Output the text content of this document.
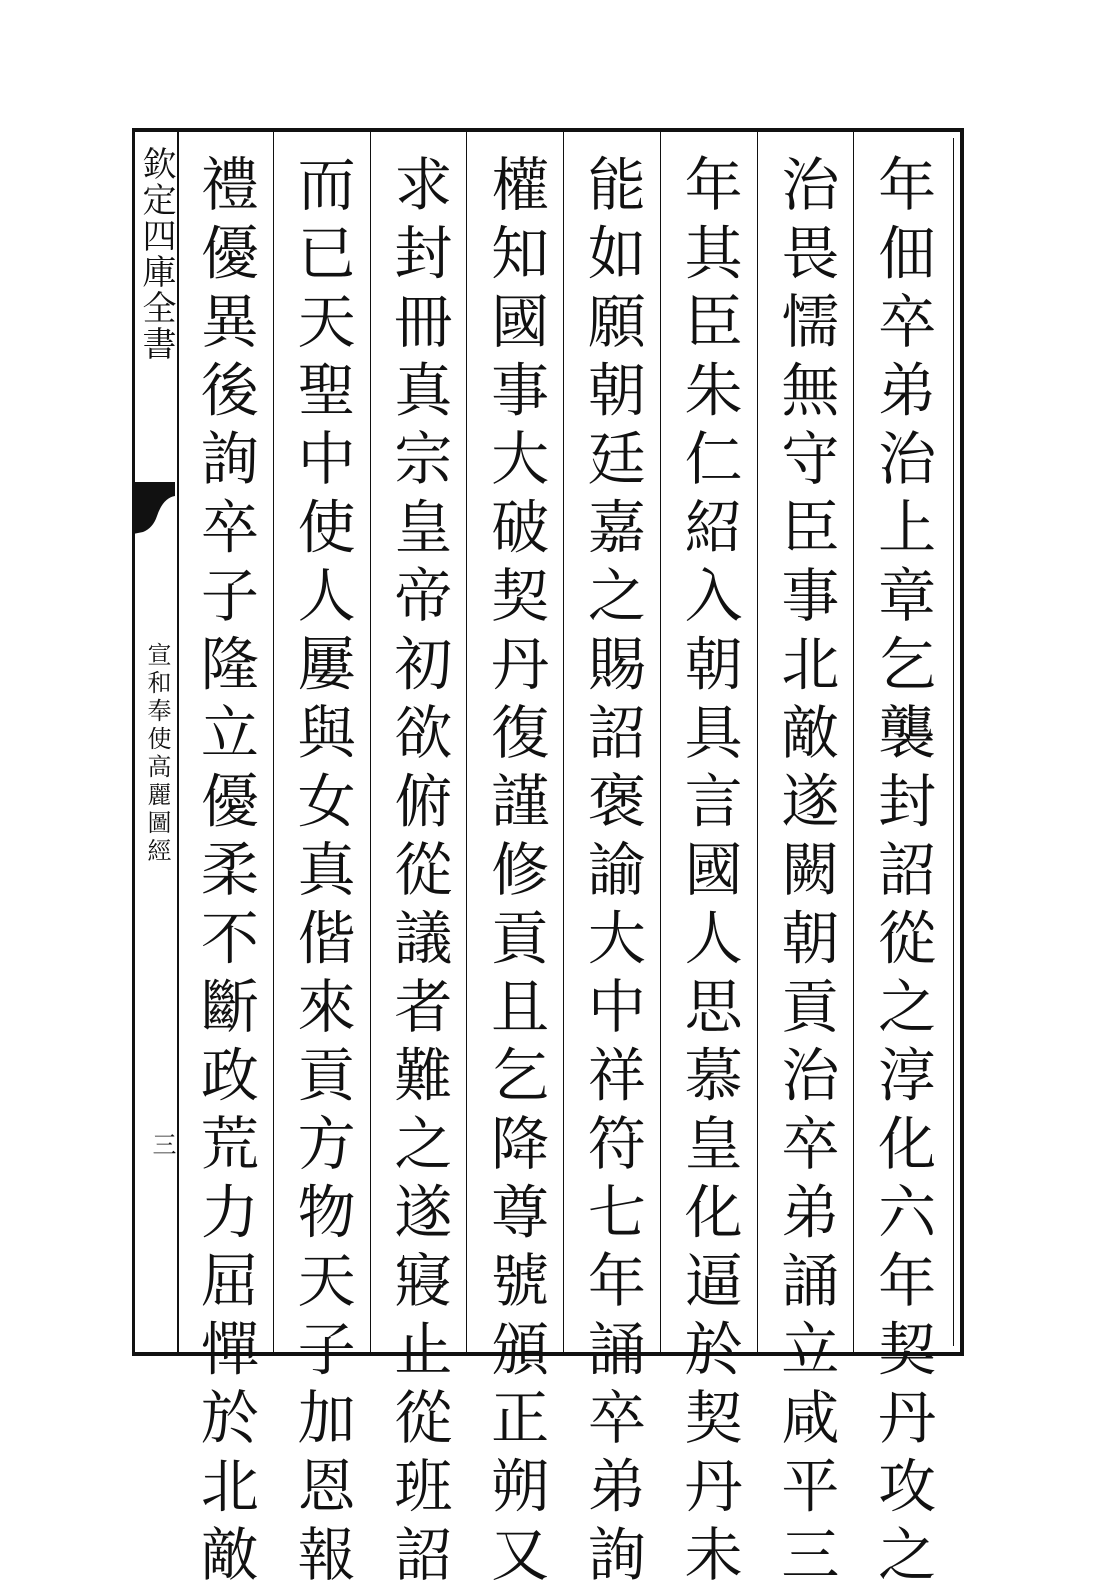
欽定四庫全書
宣和奉使高麗圖經
三	年佃卒弟治上章乞襲封詔從之淳化六年契丹攻之
治畏懦無守臣事北敵遂闕朝貢治卒弟誦立咸平三
年其臣朱仁紹入朝具言國人思慕皇化逼於契丹未
能如願朝廷嘉之賜詔褒諭大中祥符七年誦卒弟詢
權知國事大破契丹復謹修貢且乞降尊號頒正朔又
求封冊真宗皇帝初欲俯從議者難之遂寢止從班詔
而已天聖中使人屢與女真偕來貢方物天子加恩報
禮優異後詢卒子隆立優柔不斷政荒力屈憚於北敵
